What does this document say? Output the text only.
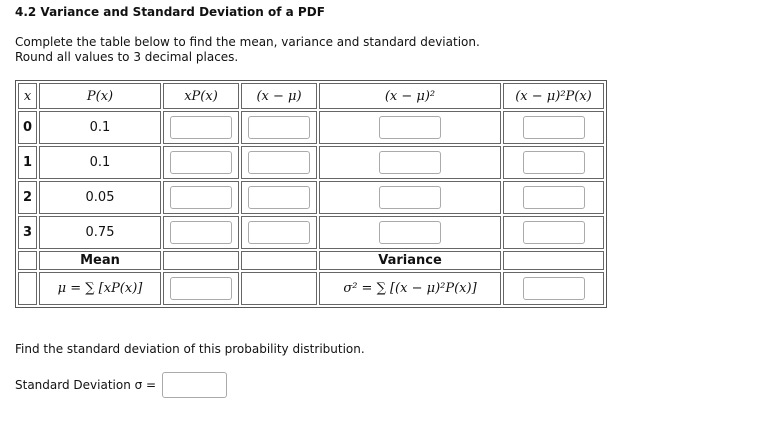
4.2 Variance and Standard Deviation of a PDF
Complete the table below to find the mean, variance and standard deviation.
Round all values to 3 decimal places.
x	P(x)	xP(x)	(x − μ)	(x − μ)²	(x − μ)²P(x)
0	0.1				
1	0.1				
2	0.05				
3	0.75				
	Mean			Variance	
	μ = ∑ [xP(x)]			σ² = ∑ [(x − μ)²P(x)]	
Find the standard deviation of this probability distribution.
Standard Deviation σ =
